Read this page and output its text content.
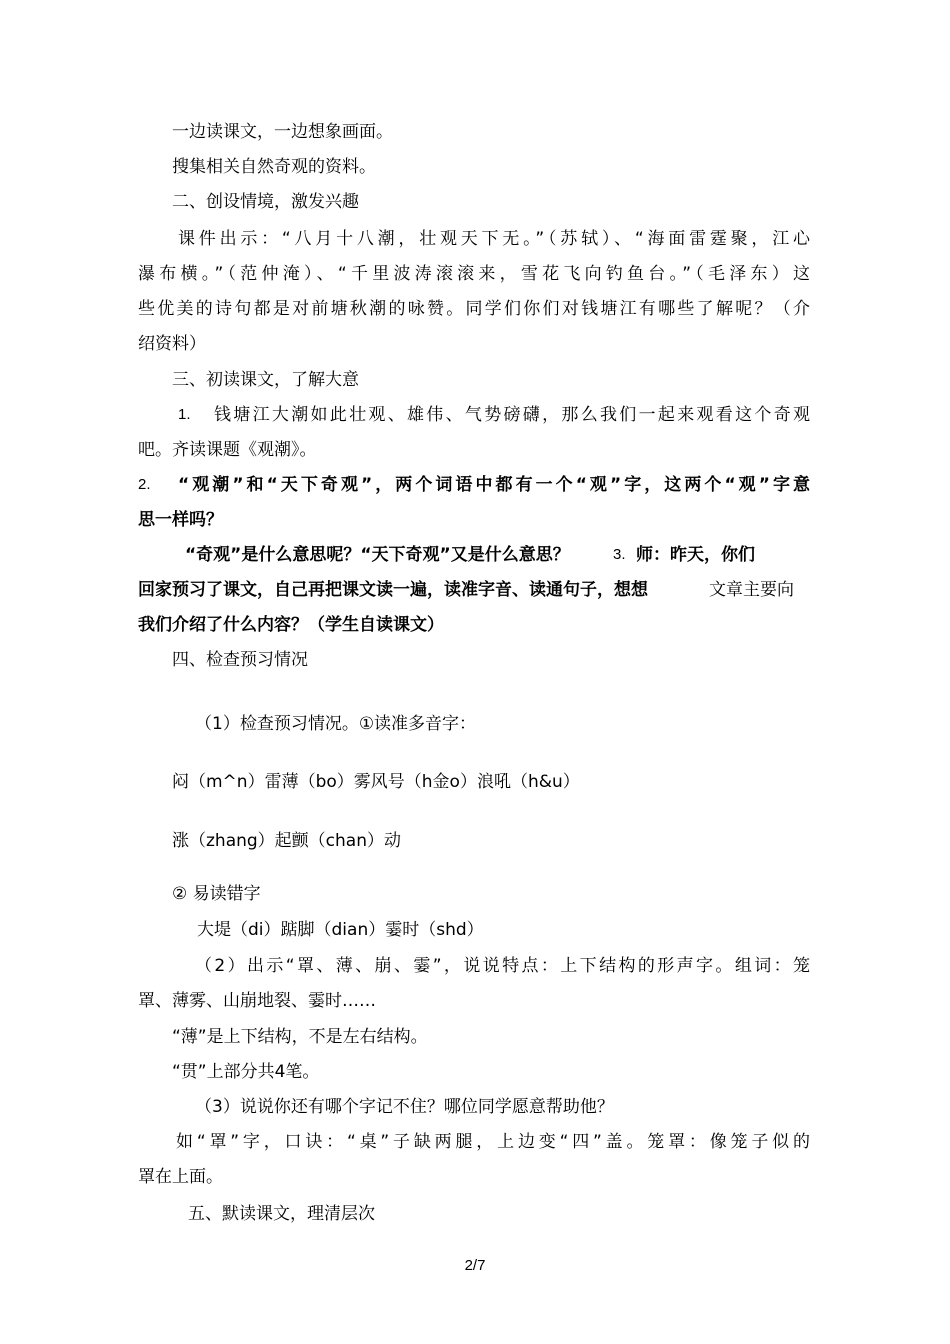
一边读课文，一边想象画面。
搜集相关自然奇观的资料。
二、创设情境，激发兴趣
课件出示：“八月十八潮，壮观天下无。”（苏轼）、“海面雷霆聚，江心
瀑布横。”（范仲淹）、“千里波涛滚滚来，雪花飞向钓鱼台。”（毛泽东）这
些优美的诗句都是对前塘秋潮的咏赞。同学们你们对钱塘江有哪些了解呢？（介
绍资料）
三、初读课文，了解大意
1. 钱塘江大潮如此壮观、雄伟、气势磅礴，那么我们一起来观看这个奇观
吧。齐读课题《观潮》。
2. “观潮”和“天下奇观”，两个词语中都有一个“观”字，这两个“观”字意
思一样吗？
“奇观”是什么意思呢？“天下奇观”又是什么意思？	3. 师：昨天，你们
回家预习了课文，自己再把课文读一遍，读准字音、读通句子，想想	文章主要向
我们介绍了什么内容？（学生自读课文）
四、检查预习情况
（1）检查预习情况。①读准多音字：
闷（m^n）雷薄（bo）雾风号（h金o）浪吼（h&u）
涨（zhang）起颤（chan）动
② 易读错字
大堤（di）踮脚（dian）霎时（shd）
（2）出示“罩、薄、崩、霎”，说说特点：上下结构的形声字。组词：笼
罩、薄雾、山崩地裂、霎时……
“薄”是上下结构，不是左右结构。
“贯”上部分共4笔。
（3）说说你还有哪个字记不住？哪位同学愿意帮助他？
如“罩”字，口诀：“桌”子缺两腿，上边变“四”盖。笼罩：像笼子似的
罩在上面。
五、默读课文，理清层次
2/7
